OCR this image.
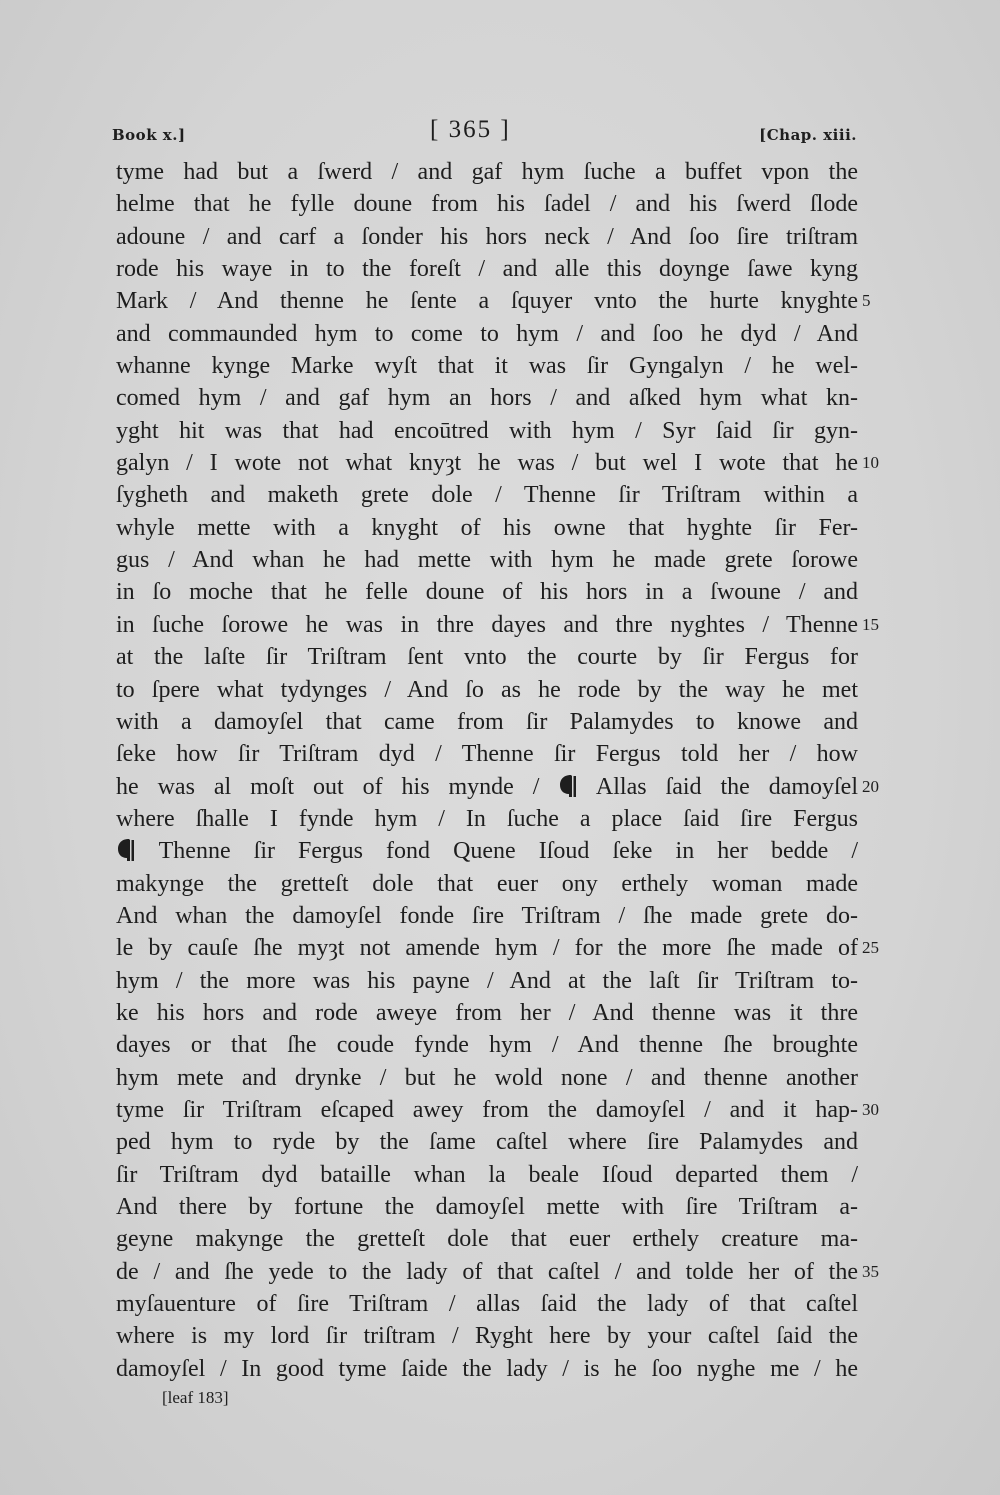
Book x.]	[ 365 ]	[Chap. xiii.
tyme had but a ſwerd / and gaf hym ſuche a buffet vpon the
helme that he fylle doune from his ſadel / and his ſwerd ſlode
adoune / and carf a ſonder his hors neck / And ſoo ſire triſtram
rode his waye in to the foreſt / and alle this doynge ſawe kyng
Mark / And thenne he ſente a ſquyer vnto the hurte knyghte 5
and commaunded hym to come to hym / and ſoo he dyd / And
whanne kynge Marke wyſt that it was ſir Gyngalyn / he wel-
comed hym / and gaf hym an hors / and aſked hym what kn-
yght hit was that had encoūtred with hym / Syr ſaid ſir gyn-
galyn / I wote not what knyȝt he was / but wel I wote that he 10
ſygheth and maketh grete dole / Thenne ſir Triſtram within a
whyle mette with a knyght of his owne that hyghte ſir Fer-
gus / And whan he had mette with hym he made grete ſorowe
in ſo moche that he felle doune of his hors in a ſwoune / and
in ſuche ſorowe he was in thre dayes and thre nyghtes / Thenne 15
at the laſte ſir Triſtram ſent vnto the courte by ſir Fergus for
to ſpere what tydynges / And ſo as he rode by the way he met
with a damoyſel that came from ſir Palamydes to knowe and
ſeke how ſir Triſtram dyd / Thenne ſir Fergus told her / how
he was al moſt out of his mynde /
Allas ſaid the damoyſel 20
where ſhalle I fynde hym / In ſuche a place ſaid ſire Fergus
Thenne ſir Fergus fond Quene Iſoud ſeke in her bedde /
makynge the gretteſt dole that euer ony erthely woman made
And whan the damoyſel fonde ſire Triſtram / ſhe made grete do-
le by cauſe ſhe myȝt not amende hym / for the more ſhe made of 25
hym / the more was his payne / And at the laſt ſir Triſtram to-
ke his hors and rode aweye from her / And thenne was it thre
dayes or that ſhe coude fynde hym / And thenne ſhe broughte
hym mete and drynke / but he wold none / and thenne another
tyme ſir Triſtram eſcaped awey from the damoyſel / and it hap- 30
ped hym to ryde by the ſame caſtel where ſire Palamydes and
ſir Triſtram dyd bataille whan la beale Iſoud departed them /
And there by fortune the damoyſel mette with ſire Triſtram a-
geyne makynge the gretteſt dole that euer erthely creature ma-
de / and ſhe yede to the lady of that caſtel / and tolde her of the 35
myſauenture of ſire Triſtram / allas ſaid the lady of that caſtel
where is my lord ſir triſtram / Ryght here by your caſtel ſaid the
damoyſel / In good tyme ſaide the lady / is he ſoo nyghe me / he
[leaf 183]
